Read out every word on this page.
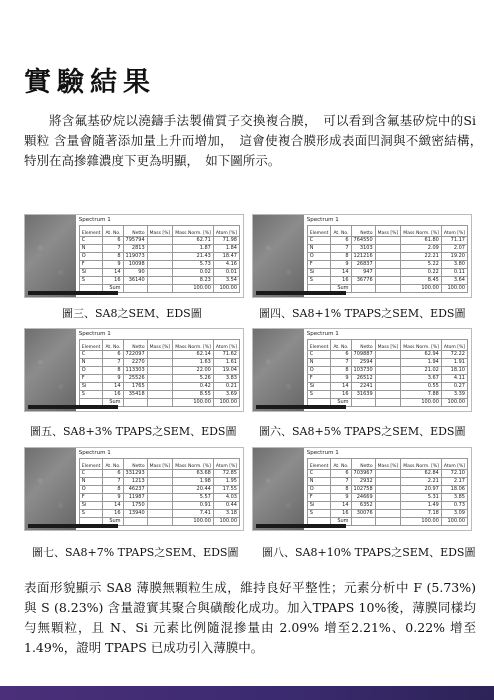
實驗結果
將含氟基矽烷以澆鑄手法製備質子交換複合膜，　可以看到含氟基矽烷中的Si顆粒 含量會隨著添加量上升而增加，　這會使複合膜形成表面凹洞與不緻密結構，　特別在高摻雜濃度下更為明顯，　如下圖所示。
Spectrum 1
Element	At. No.	Netto	Mass [%]	Mass Norm. [%]	Atom [%]
C	6	795794		62.71	71.98
N	7	2813		1.87	1.84
O	8	119073		21.43	18.47
F	9	10098		5.73	4.16
Si	14	90		0.02	0.01
S	16	36140		8.23	3.54
	Sum			100.00	100.00
圖三、SA8之SEM、EDS圖
Spectrum 1
Element	At. No.	Netto	Mass [%]	Mass Norm. [%]	Atom [%]
C	6	764550		61.80	71.17
N	7	3103		2.09	2.07
O	8	121216		22.21	19.20
F	9	26837		5.22	3.80
Si	14	947		0.22	0.11
S	16	36776		8.45	3.64
	Sum			100.00	100.00
圖四、SA8+1% TPAPS之SEM、EDS圖
Spectrum 1
Element	At. No.	Netto	Mass [%]	Mass Norm. [%]	Atom [%]
C	6	722097		62.14	71.62
N	7	2270		1.63	1.61
O	8	113303		22.00	19.04
F	9	25526		5.26	3.83
Si	14	1765		0.42	0.21
S	16	35418		8.55	3.69
	Sum			100.00	100.00
圖五、SA8+3% TPAPS之SEM、EDS圖
Spectrum 1
Element	At. No.	Netto	Mass [%]	Mass Norm. [%]	Atom [%]
C	6	709887		62.94	72.22
N	7	2594		1.94	1.91
O	8	103730		21.02	18.10
F	9	26512		3.67	4.11
Si	14	2241		0.55	0.27
S	16	31639		7.88	3.39
	Sum			100.00	100.00
圖六、SA8+5% TPAPS之SEM、EDS圖
Spectrum 1
Element	At. No.	Netto	Mass [%]	Mass Norm. [%]	Atom [%]
C	6	331293		63.68	72.85
N	7	1213		1.98	1.95
O	8	46237		20.44	17.55
F	9	11987		5.57	4.03
Si	14	1750		0.91	0.44
S	16	13940		7.41	3.18
	Sum			100.00	100.00
圖七、SA8+7% TPAPS之SEM、EDS圖
Spectrum 1
Element	At. No.	Netto	Mass [%]	Mass Norm. [%]	Atom [%]
C	6	703967		62.84	72.10
N	7	2932		2.21	2.17
O	8	102758		20.97	18.06
F	9	24669		5.31	3.85
Si	14	6352		1.49	0.73
S	16	30076		7.18	3.09
	Sum			100.00	100.00
圖八、SA8+10% TPAPS之SEM、EDS圖
表面形貌顯示 SA8 薄膜無顆粒生成，維持良好平整性；元素分析中 F (5.73%) 與 S (8.23%) 含量證實其聚合與磺酸化成功。加入TPAPS 10%後，薄膜同樣均勻無顆粒，且 N、Si 元素比例隨混摻量由 2.09% 增至2.21%、0.22% 增至 1.49%，證明 TPAPS 已成功引入薄膜中。
